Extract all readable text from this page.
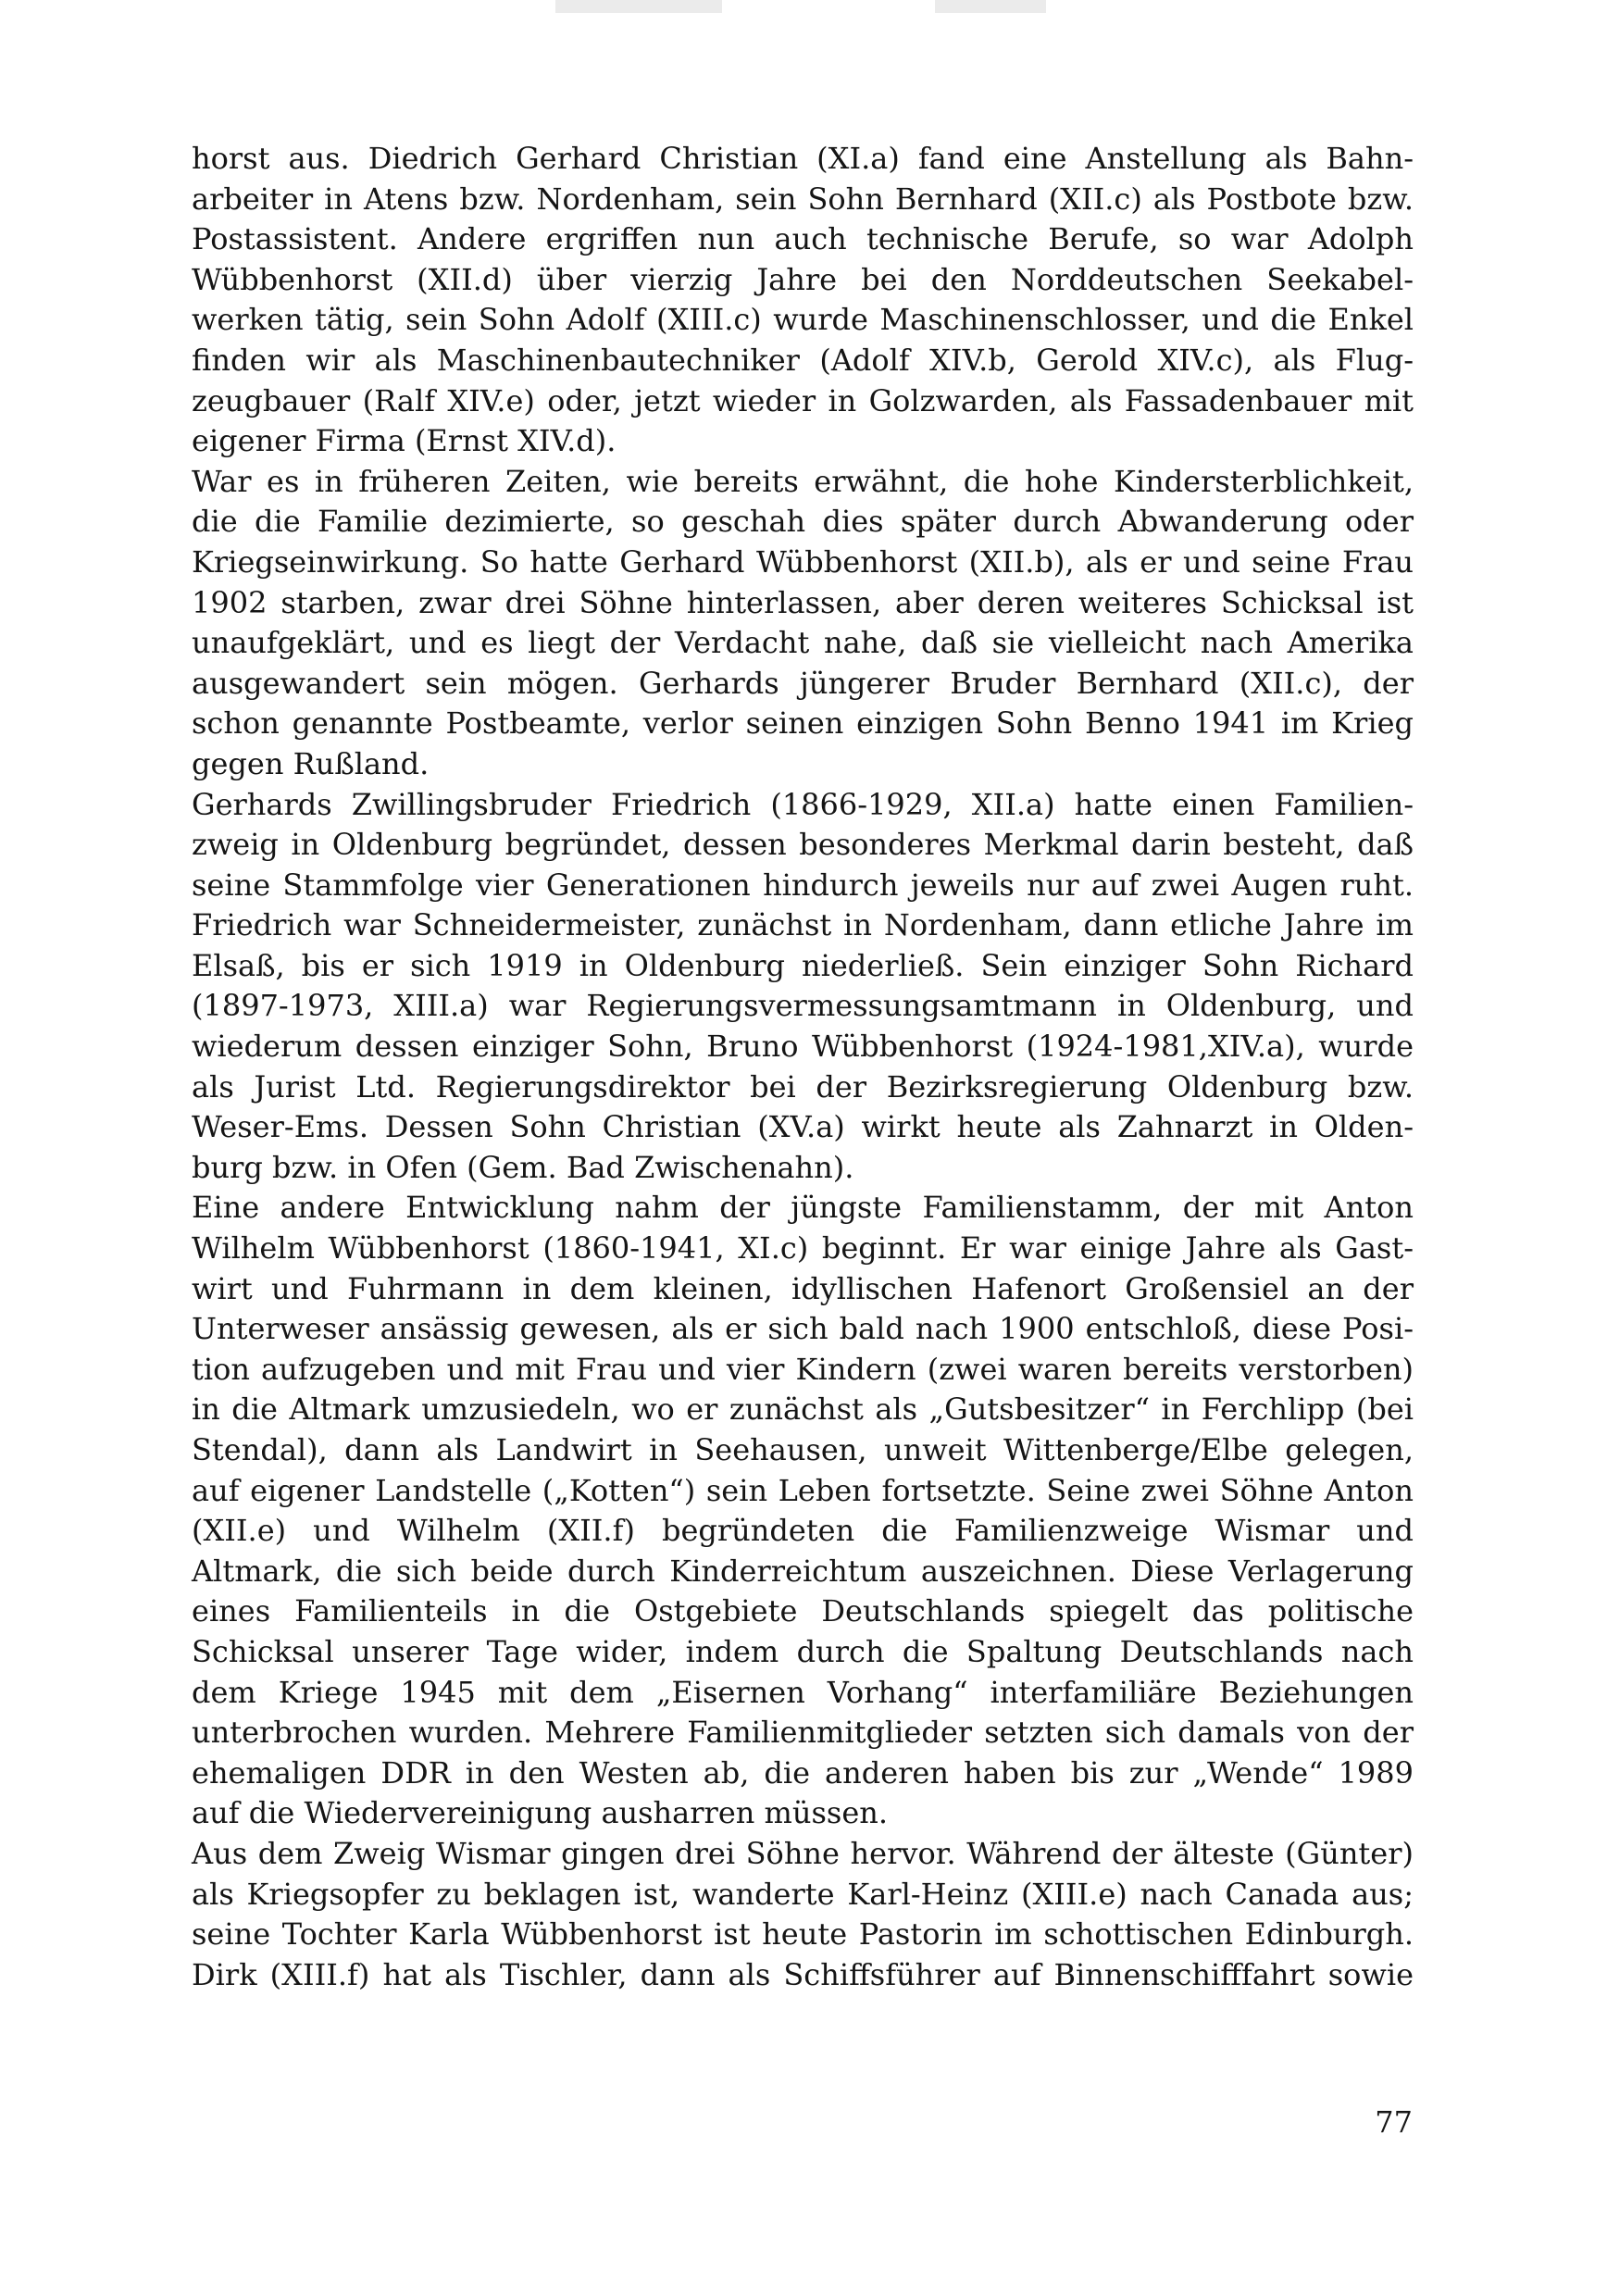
horst aus. Diedrich Gerhard Christian (XI.a) fand eine Anstellung als Bahn-
arbeiter in Atens bzw. Nordenham, sein Sohn Bernhard (XII.c) als Postbote bzw.
Postassistent. Andere ergriffen nun auch technische Berufe, so war Adolph
Wübbenhorst (XII.d) über vierzig Jahre bei den Norddeutschen Seekabel-
werken tätig, sein Sohn Adolf (XIII.c) wurde Maschinenschlosser, und die Enkel
finden wir als Maschinenbautechniker (Adolf XIV.b, Gerold XIV.c), als Flug-
zeugbauer (Ralf XIV.e) oder, jetzt wieder in Golzwarden, als Fassadenbauer mit
eigener Firma (Ernst XIV.d).
War es in früheren Zeiten, wie bereits erwähnt, die hohe Kindersterblichkeit,
die die Familie dezimierte, so geschah dies später durch Abwanderung oder
Kriegseinwirkung. So hatte Gerhard Wübbenhorst (XII.b), als er und seine Frau
1902 starben, zwar drei Söhne hinterlassen, aber deren weiteres Schicksal ist
unaufgeklärt, und es liegt der Verdacht nahe, daß sie vielleicht nach Amerika
ausgewandert sein mögen. Gerhards jüngerer Bruder Bernhard (XII.c), der
schon genannte Postbeamte, verlor seinen einzigen Sohn Benno 1941 im Krieg
gegen Rußland.
Gerhards Zwillingsbruder Friedrich (1866-1929, XII.a) hatte einen Familien-
zweig in Oldenburg begründet, dessen besonderes Merkmal darin besteht, daß
seine Stammfolge vier Generationen hindurch jeweils nur auf zwei Augen ruht.
Friedrich war Schneidermeister, zunächst in Nordenham, dann etliche Jahre im
Elsaß, bis er sich 1919 in Oldenburg niederließ. Sein einziger Sohn Richard
(1897-1973, XIII.a) war Regierungsvermessungsamtmann in Oldenburg, und
wiederum dessen einziger Sohn, Bruno Wübbenhorst (1924-1981,XIV.a), wurde
als Jurist Ltd. Regierungsdirektor bei der Bezirksregierung Oldenburg bzw.
Weser-Ems. Dessen Sohn Christian (XV.a) wirkt heute als Zahnarzt in Olden-
burg bzw. in Ofen (Gem. Bad Zwischenahn).
Eine andere Entwicklung nahm der jüngste Familienstamm, der mit Anton
Wilhelm Wübbenhorst (1860-1941, XI.c) beginnt. Er war einige Jahre als Gast-
wirt und Fuhrmann in dem kleinen, idyllischen Hafenort Großensiel an der
Unterweser ansässig gewesen, als er sich bald nach 1900 entschloß, diese Posi-
tion aufzugeben und mit Frau und vier Kindern (zwei waren bereits verstorben)
in die Altmark umzusiedeln, wo er zunächst als „Gutsbesitzer“ in Ferchlipp (bei
Stendal), dann als Landwirt in Seehausen, unweit Wittenberge/Elbe gelegen,
auf eigener Landstelle („Kotten“) sein Leben fortsetzte. Seine zwei Söhne Anton
(XII.e) und Wilhelm (XII.f) begründeten die Familienzweige Wismar und
Altmark, die sich beide durch Kinderreichtum auszeichnen. Diese Verlagerung
eines Familienteils in die Ostgebiete Deutschlands spiegelt das politische
Schicksal unserer Tage wider, indem durch die Spaltung Deutschlands nach
dem Kriege 1945 mit dem „Eisernen Vorhang“ interfamiliäre Beziehungen
unterbrochen wurden. Mehrere Familienmitglieder setzten sich damals von der
ehemaligen DDR in den Westen ab, die anderen haben bis zur „Wende“ 1989
auf die Wiedervereinigung ausharren müssen.
Aus dem Zweig Wismar gingen drei Söhne hervor. Während der älteste (Günter)
als Kriegsopfer zu beklagen ist, wanderte Karl-Heinz (XIII.e) nach Canada aus;
seine Tochter Karla Wübbenhorst ist heute Pastorin im schottischen Edinburgh.
Dirk (XIII.f) hat als Tischler, dann als Schiffsführer auf Binnenschifffahrt sowie
77
